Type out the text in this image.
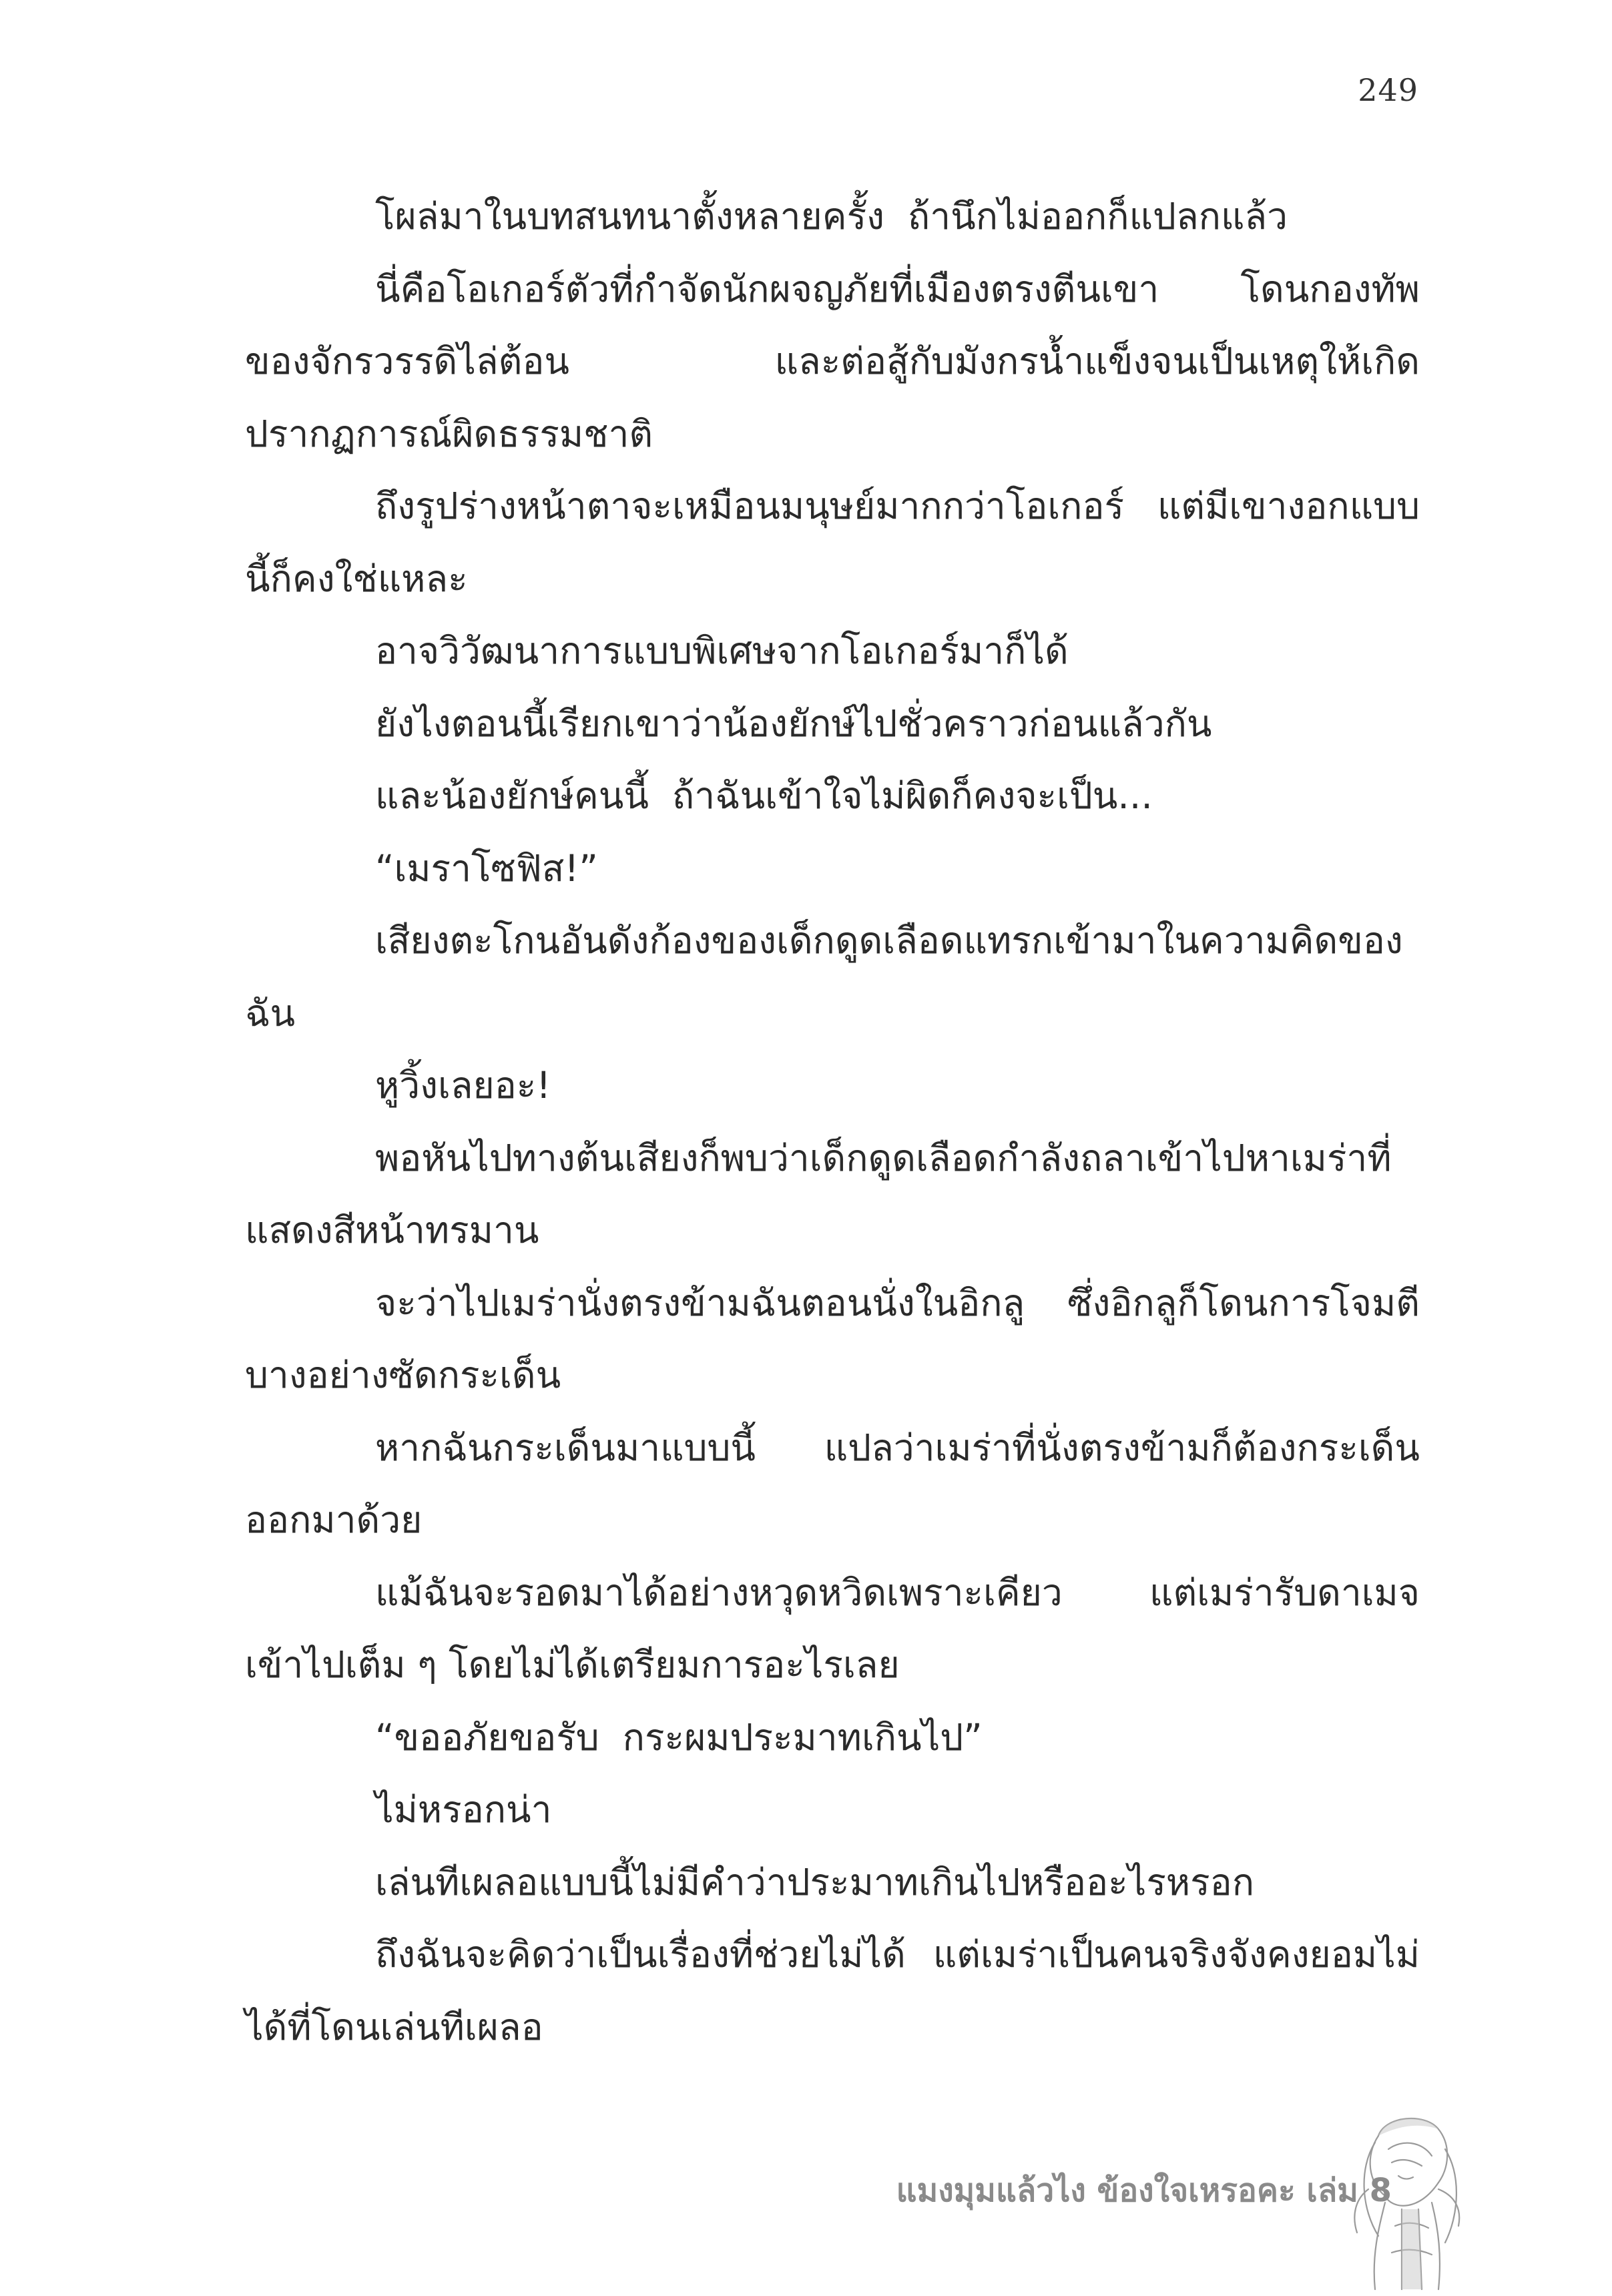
249

โผล่มาในบทสนทนาตั้งหลายครั้ง  ถ้านึกไม่ออกก็แปลกแล้ว

นี่คือโอเกอร์ตัวที่กำจัดนักผจญภัยที่เมืองตรงตีนเขา  โดนกองทัพของจักรวรรดิไล่ต้อน  และต่อสู้กับมังกรน้ำแข็งจนเป็นเหตุให้เกิดปรากฏการณ์ผิดธรรมชาติ

ถึงรูปร่างหน้าตาจะเหมือนมนุษย์มากกว่าโอเกอร์  แต่มีเขางอกแบบนี้ก็คงใช่แหละ

อาจวิวัฒนาการแบบพิเศษจากโอเกอร์มาก็ได้

ยังไงตอนนี้เรียกเขาว่าน้องยักษ์ไปชั่วคราวก่อนแล้วกัน

และน้องยักษ์คนนี้  ถ้าฉันเข้าใจไม่ผิดก็คงจะเป็น...

“เมราโซฟิส!”

เสียงตะโกนอันดังก้องของเด็กดูดเลือดแทรกเข้ามาในความคิดของฉัน

หูวิ้งเลยอะ!

พอหันไปทางต้นเสียงก็พบว่าเด็กดูดเลือดกำลังถลาเข้าไปหาเมร่าที่แสดงสีหน้าทรมาน

จะว่าไปเมร่านั่งตรงข้ามฉันตอนนั่งในอิกลู  ซึ่งอิกลูก็โดนการโจมตีบางอย่างซัดกระเด็น

หากฉันกระเด็นมาแบบนี้  แปลว่าเมร่าที่นั่งตรงข้ามก็ต้องกระเด็นออกมาด้วย

แม้ฉันจะรอดมาได้อย่างหวุดหวิดเพราะเคียว  แต่เมร่ารับดาเมจเข้าไปเต็ม ๆ โดยไม่ได้เตรียมการอะไรเลย

“ขออภัยขอรับ  กระผมประมาทเกินไป”

ไม่หรอกน่า

เล่นทีเผลอแบบนี้ไม่มีคำว่าประมาทเกินไปหรืออะไรหรอก

ถึงฉันจะคิดว่าเป็นเรื่องที่ช่วยไม่ได้  แต่เมร่าเป็นคนจริงจังคงยอมไม่ได้ที่โดนเล่นทีเผลอ

แมงมุมแล้วไง ข้องใจเหรอคะ เล่ม 8
